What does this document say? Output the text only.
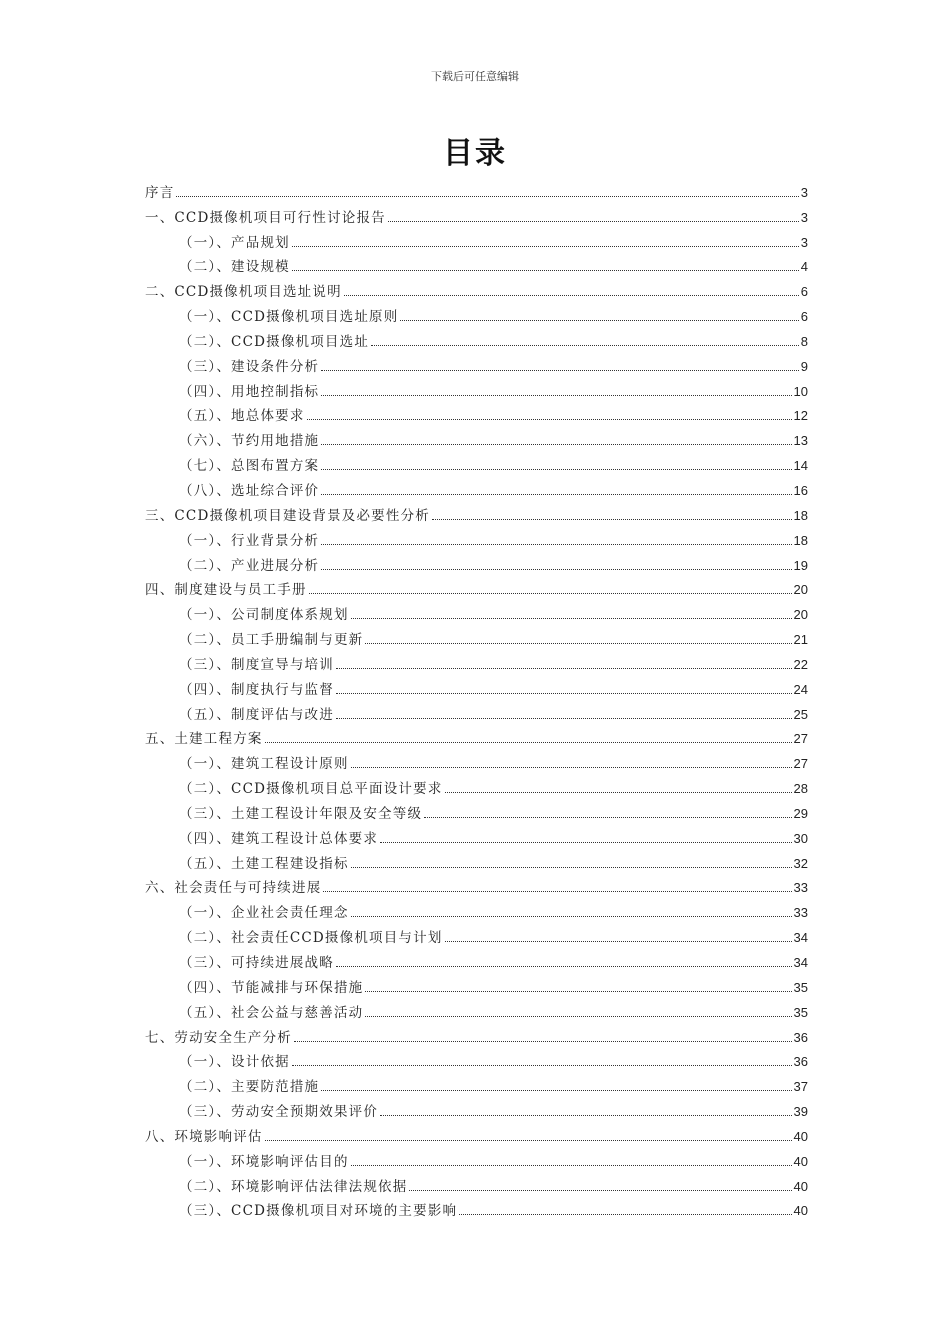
下载后可任意编辑
目录
序言	3
一、CCD摄像机项目可行性讨论报告	3
（一）、产品规划	3
（二）、建设规模	4
二、CCD摄像机项目选址说明	6
（一）、CCD摄像机项目选址原则	6
（二）、CCD摄像机项目选址	8
（三）、建设条件分析	9
（四）、用地控制指标	10
（五）、地总体要求	12
（六）、节约用地措施	13
（七）、总图布置方案	14
（八）、选址综合评价	16
三、CCD摄像机项目建设背景及必要性分析	18
（一）、行业背景分析	18
（二）、产业进展分析	19
四、制度建设与员工手册	20
（一）、公司制度体系规划	20
（二）、员工手册编制与更新	21
（三）、制度宣导与培训	22
（四）、制度执行与监督	24
（五）、制度评估与改进	25
五、土建工程方案	27
（一）、建筑工程设计原则	27
（二）、CCD摄像机项目总平面设计要求	28
（三）、土建工程设计年限及安全等级	29
（四）、建筑工程设计总体要求	30
（五）、土建工程建设指标	32
六、社会责任与可持续进展	33
（一）、企业社会责任理念	33
（二）、社会责任CCD摄像机项目与计划	34
（三）、可持续进展战略	34
（四）、节能减排与环保措施	35
（五）、社会公益与慈善活动	35
七、劳动安全生产分析	36
（一）、设计依据	36
（二）、主要防范措施	37
（三）、劳动安全预期效果评价	39
八、环境影响评估	40
（一）、环境影响评估目的	40
（二）、环境影响评估法律法规依据	40
（三）、CCD摄像机项目对环境的主要影响	40
